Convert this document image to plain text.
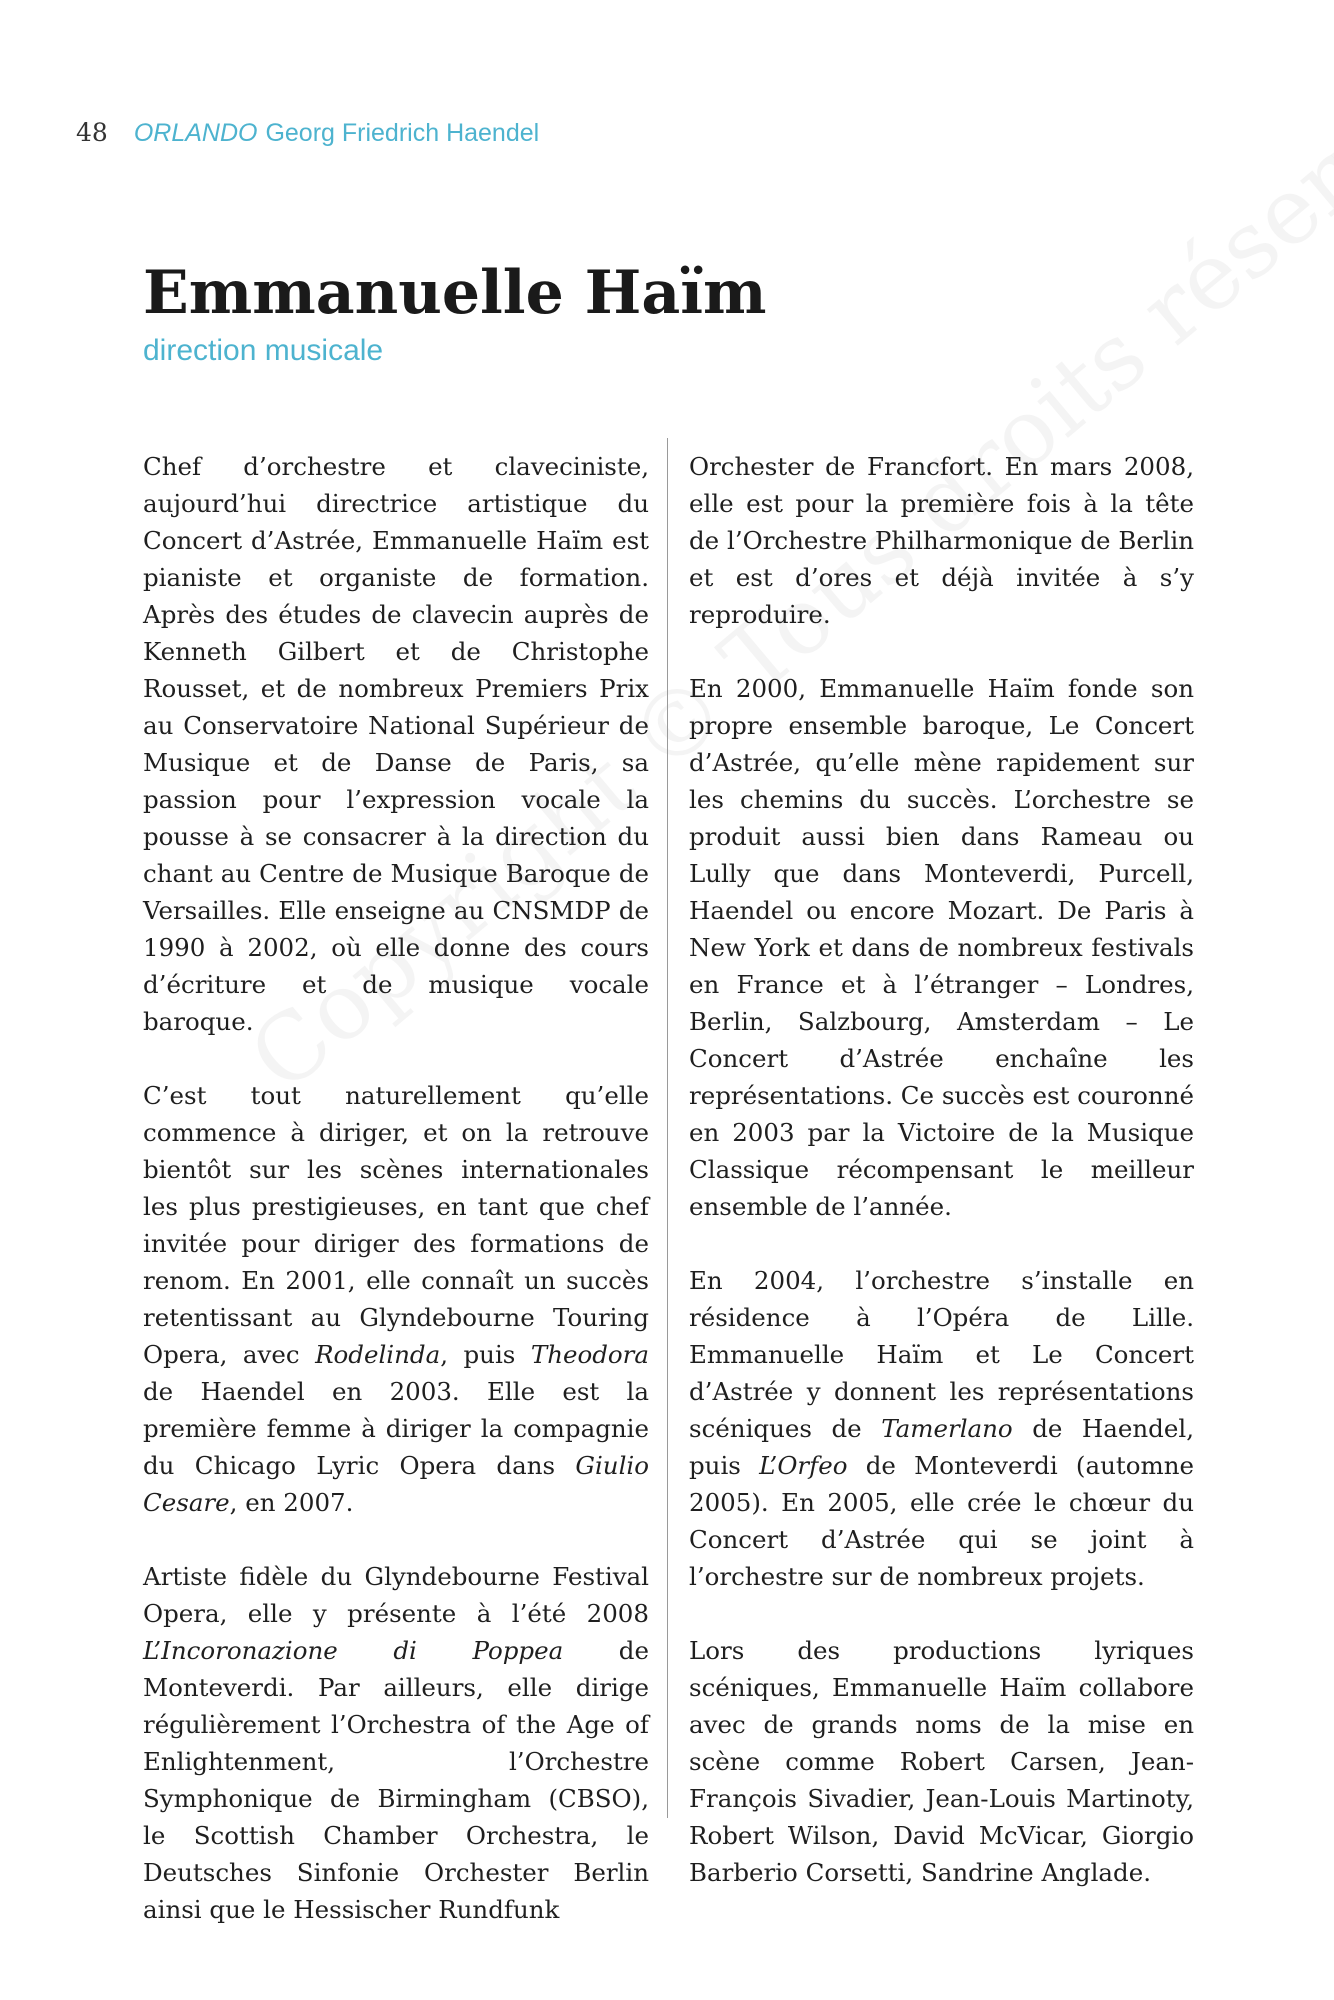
48 ORLANDO Georg Friedrich Haendel
Emmanuelle Haïm
direction musicale

Chef d’orchestre et claveciniste, aujourd’hui directrice artistique du Concert d’Astrée, Emmanuelle Haïm est pianiste et organiste de formation. Après des études de clavecin auprès de Kenneth Gilbert et de Christophe Rousset, et de nombreux Premiers Prix au Conservatoire National Supérieur de Musique et de Danse de Paris, sa passion pour l’expression vocale la pousse à se consacrer à la direction du chant au Centre de Musique Baroque de Versailles. Elle enseigne au CNSMDP de 1990 à 2002, où elle donne des cours d’écriture et de musique vocale baroque.

C’est tout naturellement qu’elle commence à diriger, et on la retrouve bientôt sur les scènes internationales les plus prestigieuses, en tant que chef invitée pour diriger des formations de renom. En 2001, elle connaît un succès retentissant au Glyndebourne Touring Opera, avec Rodelinda, puis Theodora de Haendel en 2003. Elle est la première femme à diriger la compagnie du Chicago Lyric Opera dans Giulio Cesare, en 2007.

Artiste fidèle du Glyndebourne Festival Opera, elle y présente à l’été 2008 L’Incoronazione di Poppea de Monteverdi. Par ailleurs, elle dirige régulièrement l’Orchestra of the Age of Enlightenment, l’Orchestre Symphonique de Birmingham (CBSO), le Scottish Chamber Orchestra, le Deutsches Sinfonie Orchester Berlin ainsi que le Hessischer Rundfunk

Orchester de Francfort. En mars 2008, elle est pour la première fois à la tête de l’Orchestre Philharmonique de Berlin et est d’ores et déjà invitée à s’y reproduire.

En 2000, Emmanuelle Haïm fonde son propre ensemble baroque, Le Concert d’Astrée, qu’elle mène rapidement sur les chemins du succès. L’orchestre se produit aussi bien dans Rameau ou Lully que dans Monteverdi, Purcell, Haendel ou encore Mozart. De Paris à New York et dans de nombreux festivals en France et à l’étranger – Londres, Berlin, Salzbourg, Amsterdam – Le Concert d’Astrée enchaîne les représentations. Ce succès est couronné en 2003 par la Victoire de la Musique Classique récompensant le meilleur ensemble de l’année.

En 2004, l’orchestre s’installe en résidence à l’Opéra de Lille. Emmanuelle Haïm et Le Concert d’Astrée y donnent les représentations scéniques de Tamerlano de Haendel, puis L’Orfeo de Monteverdi (automne 2005). En 2005, elle crée le chœur du Concert d’Astrée qui se joint à l’orchestre sur de nombreux projets.

Lors des productions lyriques scéniques, Emmanuelle Haïm collabore avec de grands noms de la mise en scène comme Robert Carsen, Jean-François Sivadier, Jean-Louis Martinoty, Robert Wilson, David McVicar, Giorgio Barberio Corsetti, Sandrine Anglade.
